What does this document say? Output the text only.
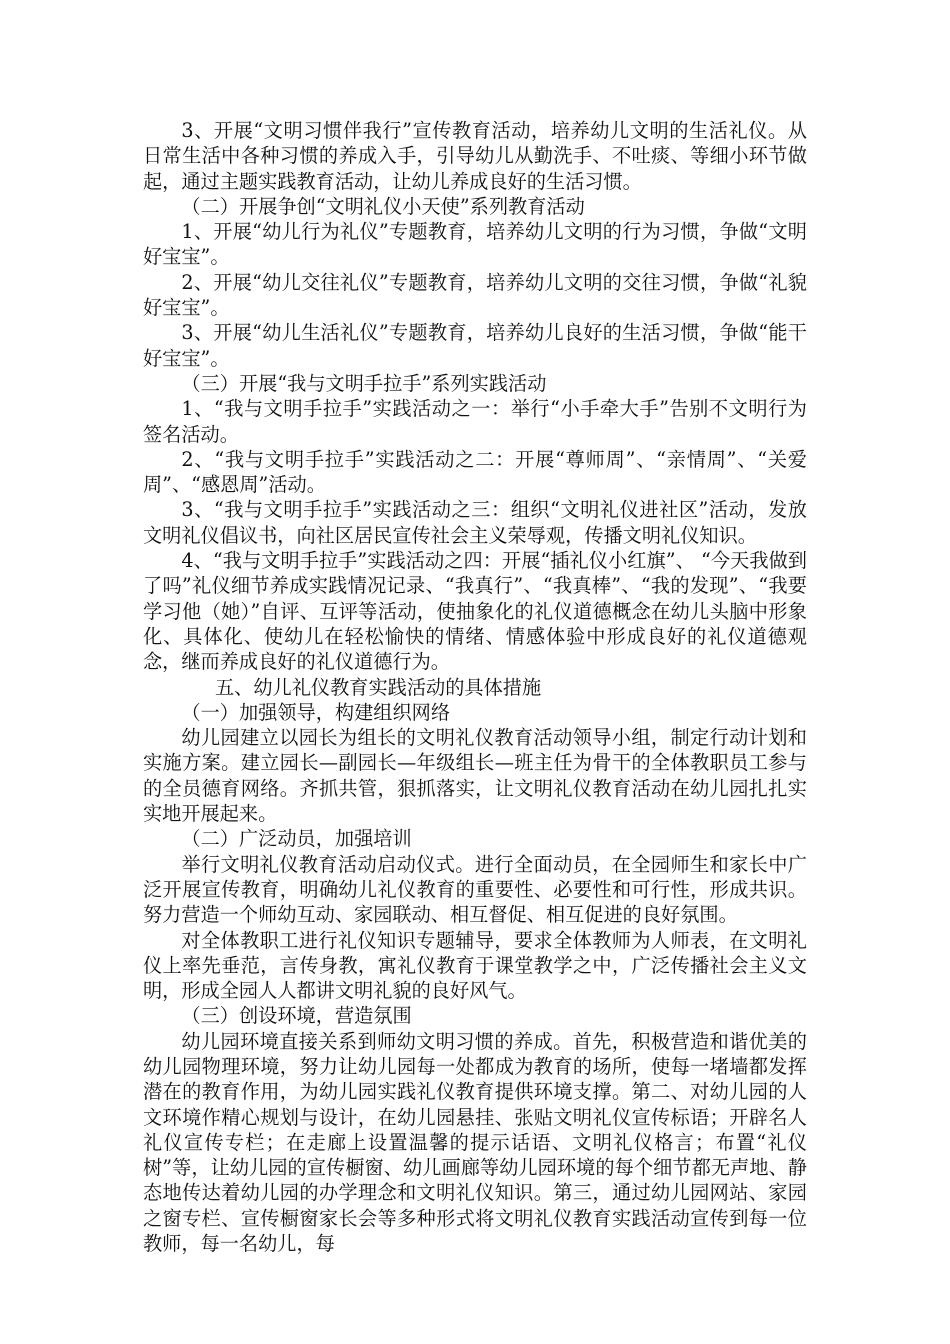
3、开展“文明习惯伴我行”宣传教育活动，培养幼儿文明的生活礼仪。从日常生活中各种习惯的养成入手，引导幼儿从勤洗手、不吐痰、等细小环节做起，通过主题实践教育活动，让幼儿养成良好的生活习惯。

（二）开展争创“文明礼仪小天使”系列教育活动

1、开展“幼儿行为礼仪”专题教育，培养幼儿文明的行为习惯，争做“文明好宝宝”。

2、开展“幼儿交往礼仪”专题教育，培养幼儿文明的交往习惯，争做“礼貌好宝宝”。

3、开展“幼儿生活礼仪”专题教育，培养幼儿良好的生活习惯，争做“能干好宝宝”。

（三）开展“我与文明手拉手”系列实践活动

1、“我与文明手拉手”实践活动之一：举行“小手牵大手”告别不文明行为签名活动。

2、“我与文明手拉手”实践活动之二：开展“尊师周”、“亲情周”、“关爱周”、“感恩周”活动。

3、“我与文明手拉手”实践活动之三：组织“文明礼仪进社区”活动，发放文明礼仪倡议书，向社区居民宣传社会主义荣辱观，传播文明礼仪知识。

4、“我与文明手拉手”实践活动之四：开展“插礼仪小红旗”、 “今天我做到了吗”礼仪细节养成实践情况记录、“我真行”、“我真棒”、“我的发现”、“我要学习他（她）”自评、互评等活动，使抽象化的礼仪道德概念在幼儿头脑中形象化、具体化、使幼儿在轻松愉快的情绪、情感体验中形成良好的礼仪道德观念，继而养成良好的礼仪道德行为。

五、幼儿礼仪教育实践活动的具体措施

（一）加强领导，构建组织网络

幼儿园建立以园长为组长的文明礼仪教育活动领导小组，制定行动计划和实施方案。建立园长—副园长—年级组长—班主任为骨干的全体教职员工参与的全员德育网络。齐抓共管，狠抓落实，让文明礼仪教育活动在幼儿园扎扎实实地开展起来。

（二）广泛动员，加强培训

举行文明礼仪教育活动启动仪式。进行全面动员，在全园师生和家长中广泛开展宣传教育，明确幼儿礼仪教育的重要性、必要性和可行性，形成共识。努力营造一个师幼互动、家园联动、相互督促、相互促进的良好氛围。

对全体教职工进行礼仪知识专题辅导，要求全体教师为人师表，在文明礼仪上率先垂范，言传身教，寓礼仪教育于课堂教学之中，广泛传播社会主义文明，形成全园人人都讲文明礼貌的良好风气。

（三）创设环境，营造氛围

幼儿园环境直接关系到师幼文明习惯的养成。首先，积极营造和谐优美的幼儿园物理环境，努力让幼儿园每一处都成为教育的场所，使每一堵墙都发挥潜在的教育作用，为幼儿园实践礼仪教育提供环境支撑。第二、对幼儿园的人文环境作精心规划与设计，在幼儿园悬挂、张贴文明礼仪宣传标语；开辟名人礼仪宣传专栏；在走廊上设置温馨的提示话语、文明礼仪格言；布置“礼仪树”等，让幼儿园的宣传橱窗、幼儿画廊等幼儿园环境的每个细节都无声地、静态地传达着幼儿园的办学理念和文明礼仪知识。第三，通过幼儿园网站、家园之窗专栏、宣传橱窗家长会等多种形式将文明礼仪教育实践活动宣传到每一位教师，每一名幼儿，每
